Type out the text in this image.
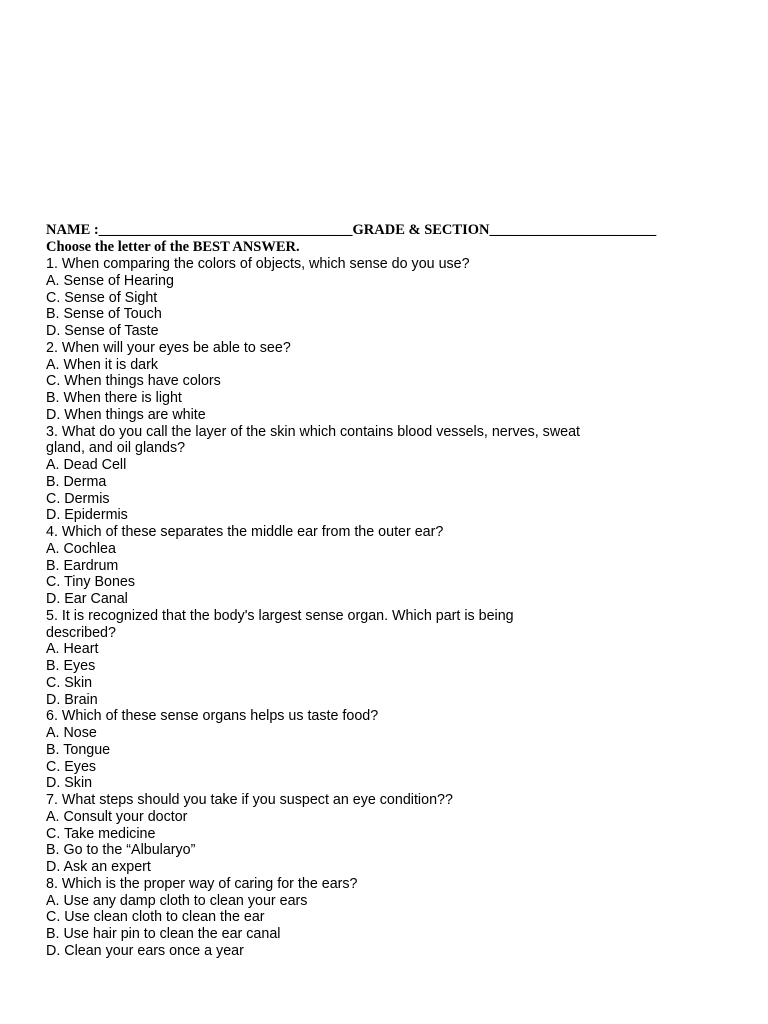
NAME :___________________________________GRADE & SECTION_______________________
Choose the letter of the BEST ANSWER.
1. When comparing the colors of objects, which sense do you use?
A. Sense of Hearing
C. Sense of Sight
B. Sense of Touch
D. Sense of Taste
2. When will your eyes be able to see?
A. When it is dark
C. When things have colors
B. When there is light
D. When things are white
3. What do you call the layer of the skin which contains blood vessels, nerves, sweat
gland, and oil glands?
A. Dead Cell
B. Derma
C. Dermis
D. Epidermis
4. Which of these separates the middle ear from the outer ear?
A. Cochlea
B. Eardrum
C. Tiny Bones
D. Ear Canal
5. It is recognized that the body's largest sense organ. Which part is being
described?
A. Heart
B. Eyes
C. Skin
D. Brain
6. Which of these sense organs helps us taste food?
A. Nose
B. Tongue
C. Eyes
D. Skin
7. What steps should you take if you suspect an eye condition??
A. Consult your doctor
C. Take medicine
B. Go to the “Albularyo”
D. Ask an expert
8. Which is the proper way of caring for the ears?
A. Use any damp cloth to clean your ears
C. Use clean cloth to clean the ear
B. Use hair pin to clean the ear canal
D. Clean your ears once a year
